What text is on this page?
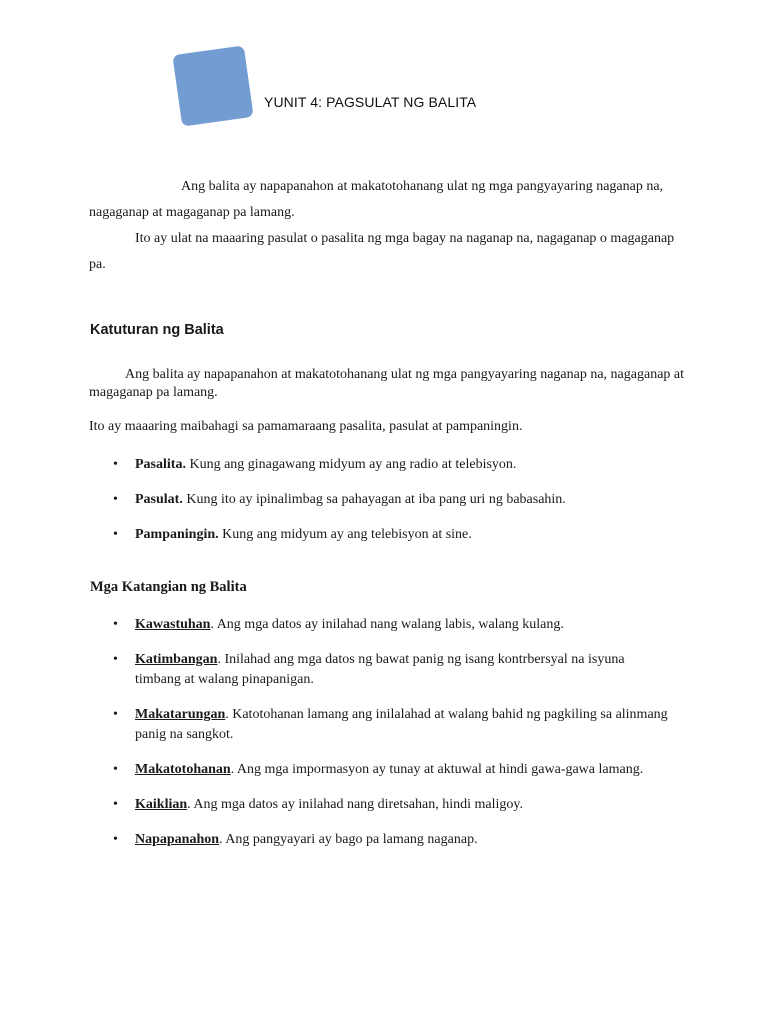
YUNIT 4: PAGSULAT NG BALITA

Ang balita ay napapanahon at makatotohanang ulat ng mga pangyayaring naganap na, nagaganap at magaganap pa lamang.

Ito ay ulat na maaaring pasulat o pasalita ng mga bagay na naganap na, nagaganap o magaganap pa.

Katuturan ng Balita

Ang balita ay napapanahon at makatotohanang ulat ng mga pangyayaring naganap na, nagaganap at magaganap pa lamang.

Ito ay maaaring maibahagi sa pamamaraang pasalita, pasulat at pampaningin.

• Pasalita. Kung ang ginagawang midyum ay ang radio at telebisyon.
• Pasulat. Kung ito ay ipinalimbag sa pahayagan at iba pang uri ng babasahin.
• Pampaningin. Kung ang midyum ay ang telebisyon at sine.
Mga Katangian ng Balita
• Kawastuhan. Ang mga datos ay inilahad nang walang labis, walang kulang.
• Katimbangan. Inilahad ang mga datos ng bawat panig ng isang kontrbersyal na isyuna timbang at walang pinapanigan.
• Makatarungan. Katotohanan lamang ang inilalahad at walang bahid ng pagkiling sa alinmang panig na sangkot.
• Makatotohanan. Ang mga impormasyon ay tunay at aktuwal at hindi gawa-gawa lamang.
• Kaiklian. Ang mga datos ay inilahad nang diretsahan, hindi maligoy.
• Napapanahon. Ang pangyayari ay bago pa lamang naganap.
